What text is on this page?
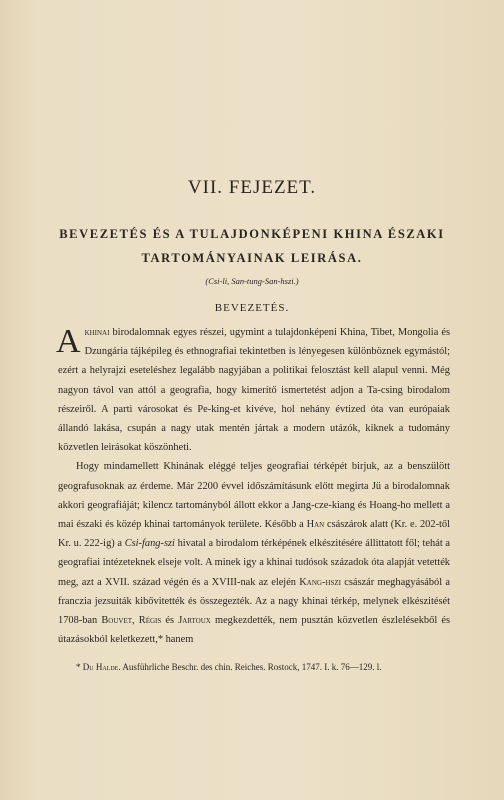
VII. FEJEZET.
BEVEZETÉS ÉS A TULAJDONKÉPENI KHINA ÉSZAKI
TARTOMÁNYAINAK LEIRÁSA.
(Csi-li, San-tung-San-hszi.)
BEVEZETÉS.

Akhinai birodalomnak egyes részei, ugymint a tulajdonképeni Khina, Tibet, Mongolia és Dzungária tájképileg és ethnografiai tekintetben is lényegesen különböznek egymástól; ezért a helyrajzi eseteléshez legalább nagyjában a politikai felosztást kell alapul venni. Még nagyon távol van attól a geografia, hogy kimerítő ismertetést adjon a Ta-csing birodalom részeiről. A parti városokat és Pe-king-et kivéve, hol nehány évtized óta van európaiak állandó lakása, csupán a nagy utak mentén jártak a modern utázók, kiknek a tudomány közvetlen leirásokat köszönheti.

Hogy mindamellett Khinának eléggé teljes geografiai térképét birjuk, az a benszülött geografusoknak az érdeme. Már 2200 évvel időszámításunk előtt megirta Jü a birodalomnak akkori geografiáját; kilencz tartományból állott ekkor a Jang-cze-kiang és Hoang-ho mellett a mai északi és közép khinai tartományok területe. Később a Han császárok alatt (Kr. e. 202-től Kr. u. 222-ig) a Csi-fang-szi hivatal a birodalom térképének elkészitésére állittatott fől; tehát a geografiai intézeteknek elseje volt. A minek igy a khinai tudósok századok óta alapját vetették meg, azt a XVII. század végén és a XVIII-nak az elején Kang-hszi császár meghagyásából a franczia jezsuiták kibővitették és összegezték. Az a nagy khinai térkép, melynek elkészitését 1708-ban Bouvet, Régis és Jartoux megkezdették, nem pusztán közvetlen észlelésekből és útazásokból keletkezett,* hanem

* Du Halde. Ausführliche Beschr. des chin. Reiches. Rostock, 1747. I. k. 76—129. l.
